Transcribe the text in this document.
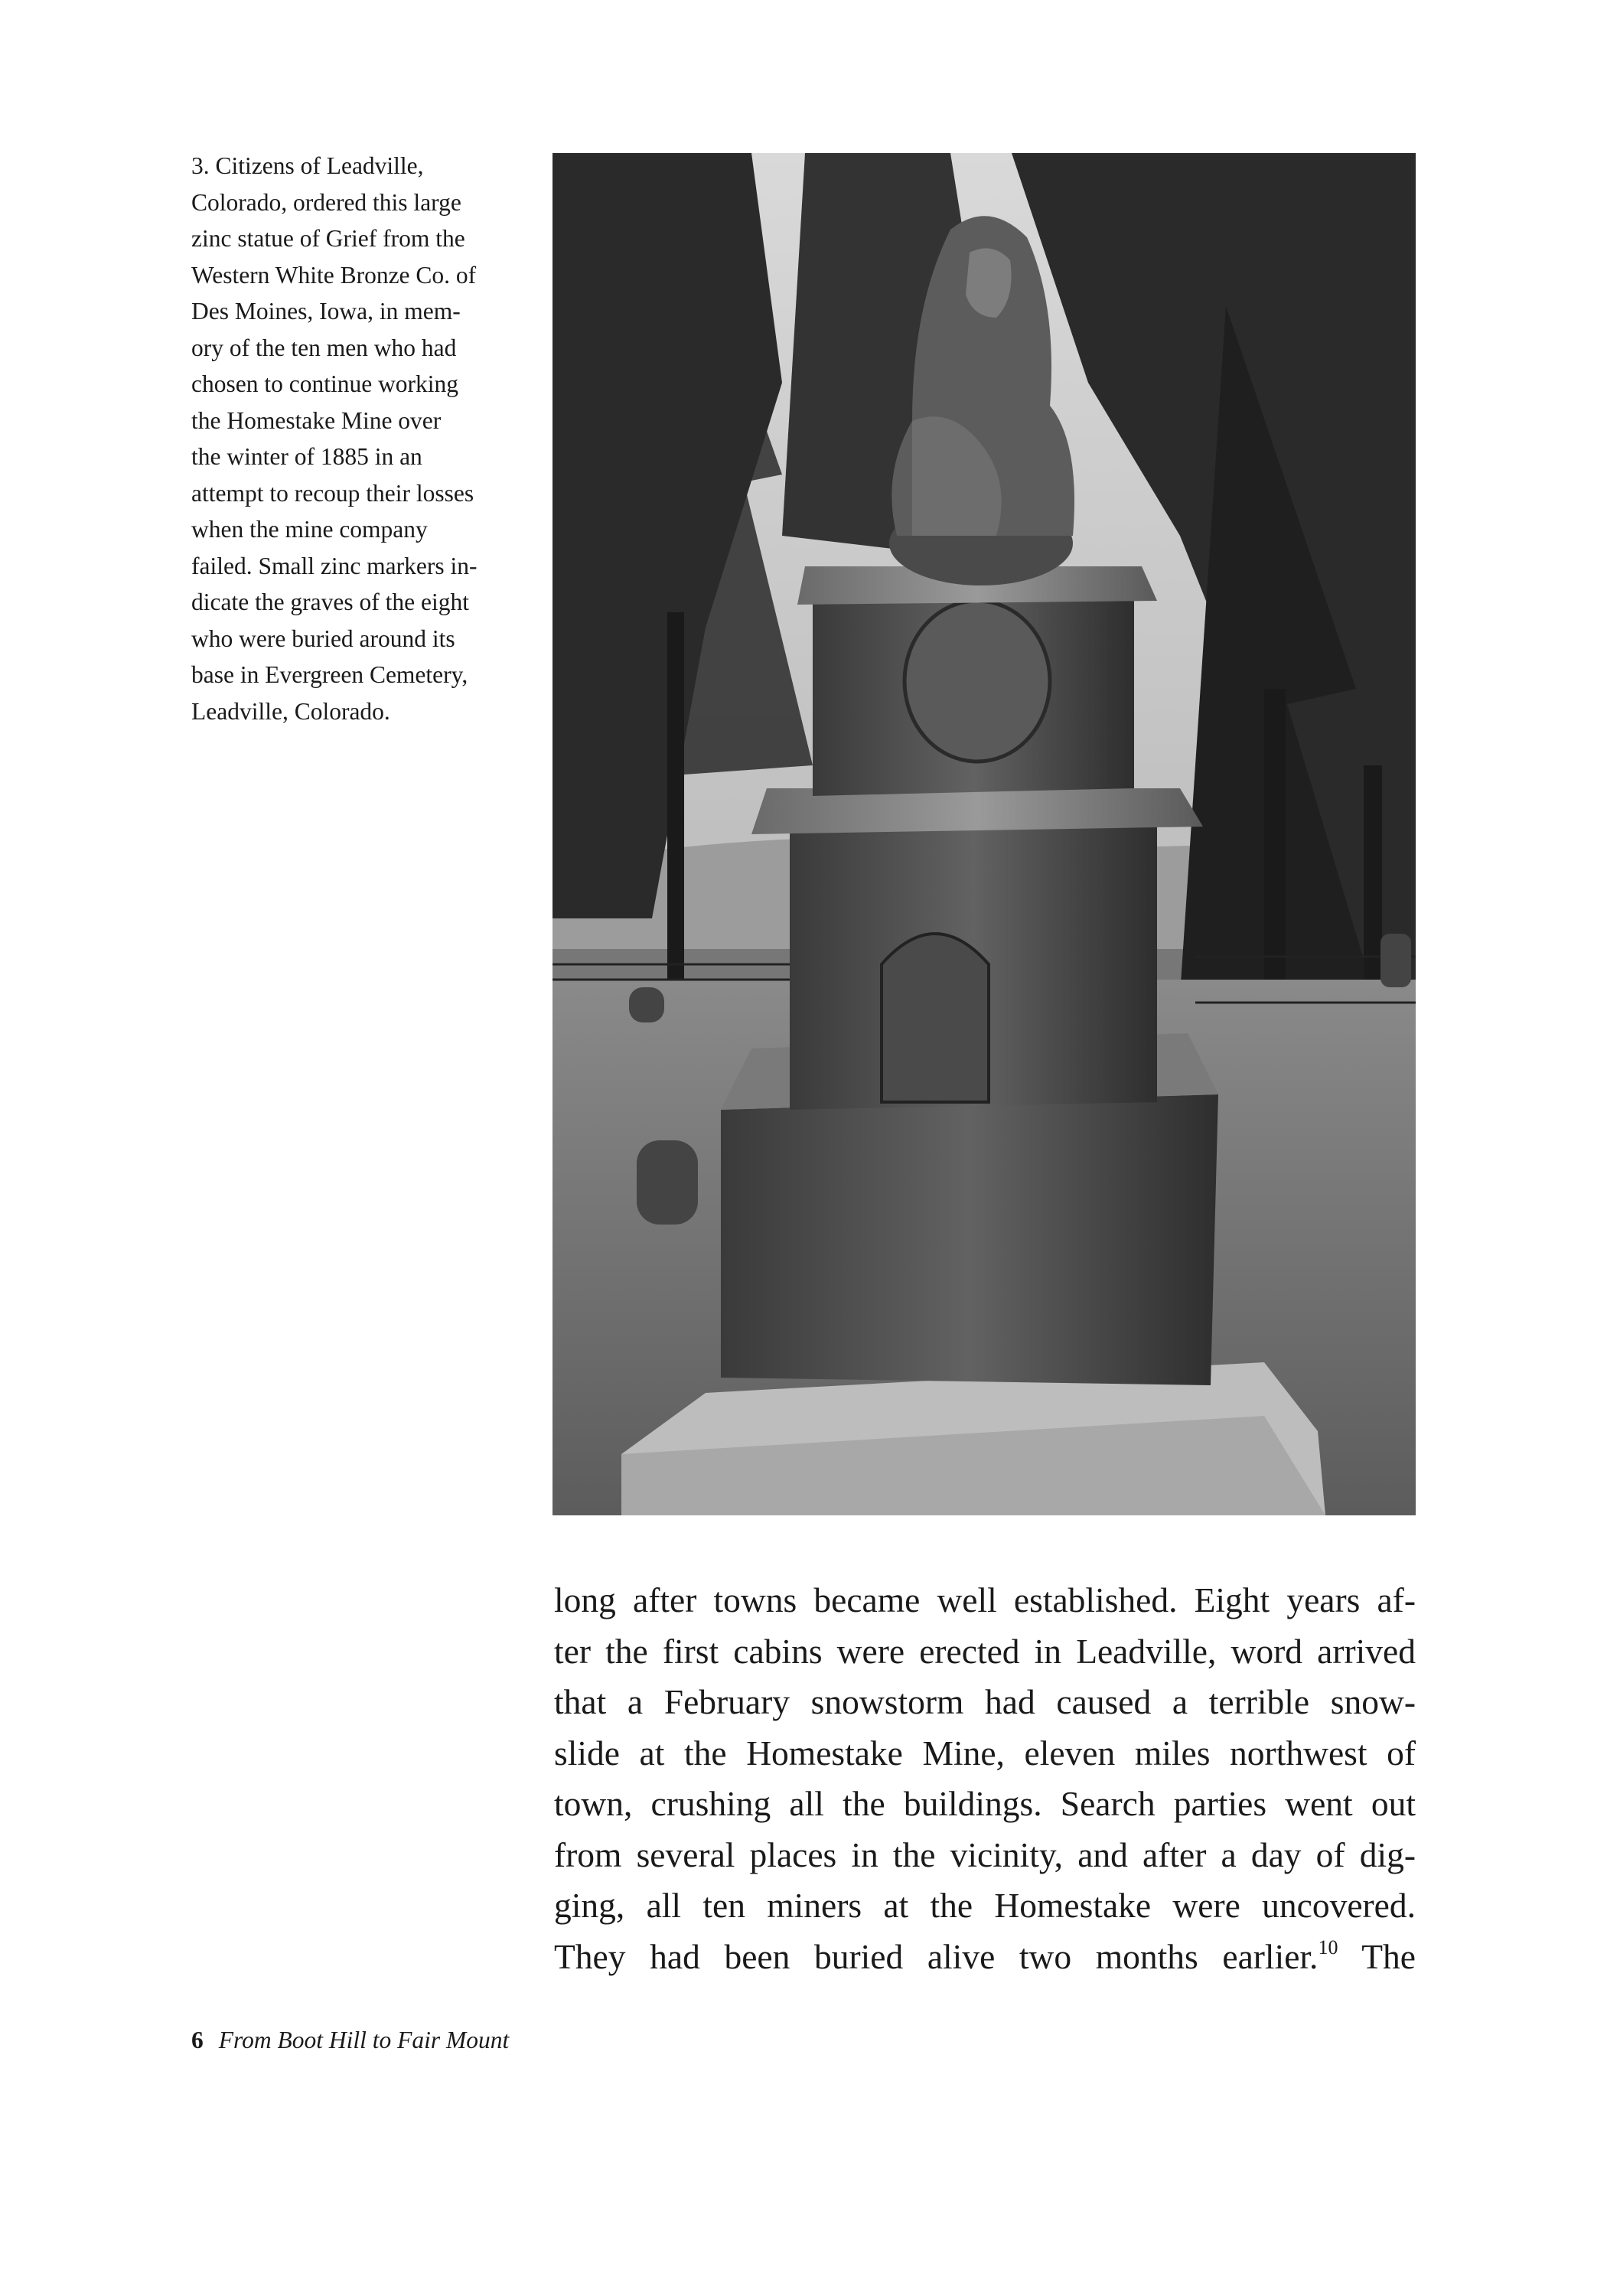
3. Citizens of Leadville,
Colorado, ordered this large
zinc statue of Grief from the
Western White Bronze Co. of
Des Moines, Iowa, in mem-
ory of the ten men who had
chosen to continue working
the Homestake Mine over
the winter of 1885 in an
attempt to recoup their losses
when the mine company
failed. Small zinc markers in-
dicate the graves of the eight
who were buried around its
base in Evergreen Cemetery,
Leadville, Colorado.
long after towns became well established. Eight years af-
ter the first cabins were erected in Leadville, word arrived
that a February snowstorm had caused a terrible snow-
slide at the Homestake Mine, eleven miles northwest of
town, crushing all the buildings. Search parties went out
from several places in the vicinity, and after a day of dig-
ging, all ten miners at the Homestake were uncovered.
They had been buried alive two months earlier.$^{10}$ The
6 From Boot Hill to Fair Mount
